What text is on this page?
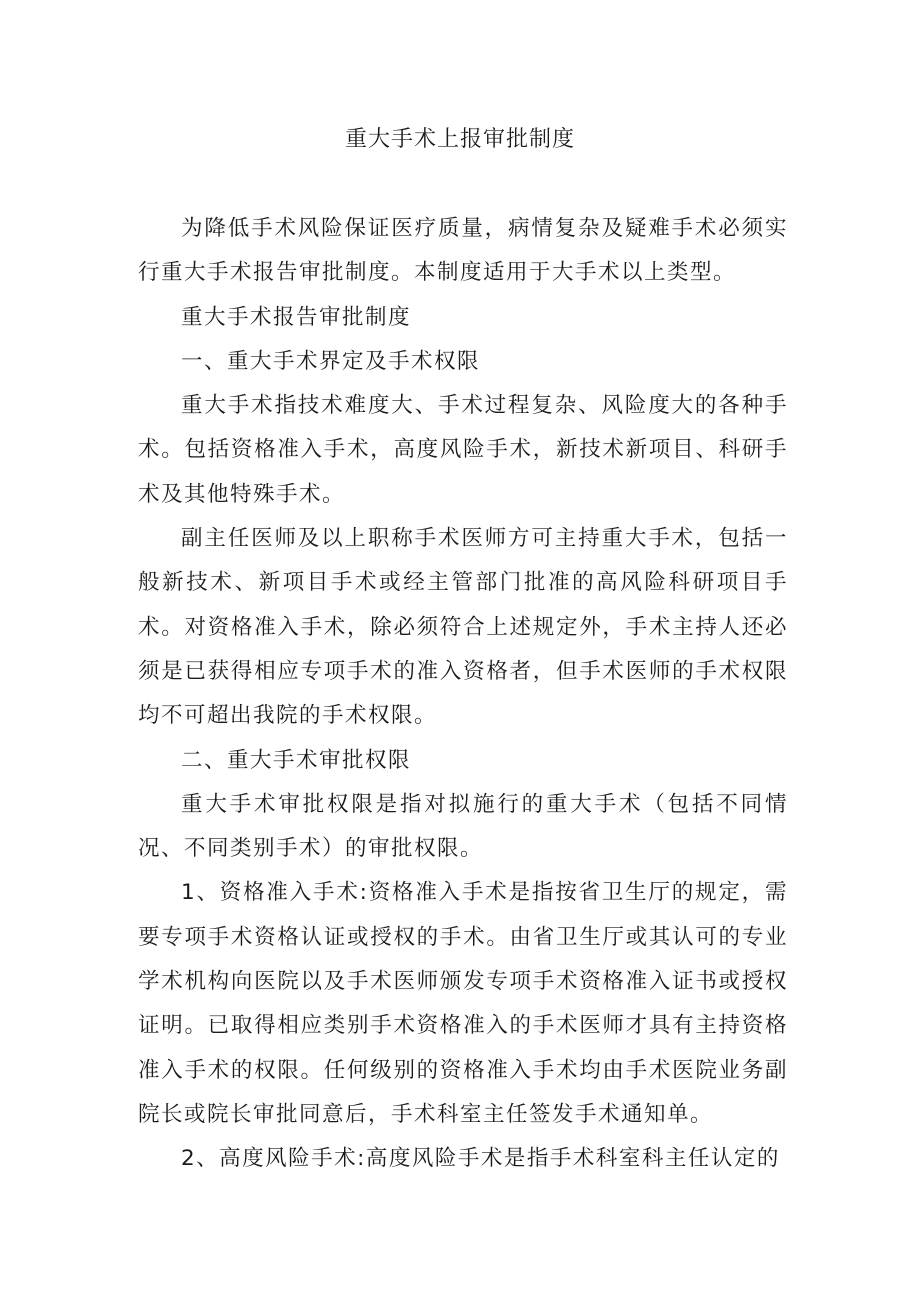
重大手术上报审批制度

为降低手术风险保证医疗质量，病情复杂及疑难手术必须实行重大手术报告审批制度。本制度适用于大手术以上类型。

重大手术报告审批制度

一、重大手术界定及手术权限

重大手术指技术难度大、手术过程复杂、风险度大的各种手术。包括资格准入手术，高度风险手术，新技术新项目、科研手术及其他特殊手术。

副主任医师及以上职称手术医师方可主持重大手术，包括一般新技术、新项目手术或经主管部门批准的高风险科研项目手术。对资格准入手术，除必须符合上述规定外，手术主持人还必须是已获得相应专项手术的准入资格者，但手术医师的手术权限均不可超出我院的手术权限。

二、重大手术审批权限

重大手术审批权限是指对拟施行的重大手术（包括不同情况、不同类别手术）的审批权限。

1、资格准入手术:资格准入手术是指按省卫生厅的规定，需要专项手术资格认证或授权的手术。由省卫生厅或其认可的专业学术机构向医院以及手术医师颁发专项手术资格准入证书或授权证明。已取得相应类别手术资格准入的手术医师才具有主持资格准入手术的权限。任何级别的资格准入手术均由手术医院业务副院长或院长审批同意后，手术科室主任签发手术通知单。

2、高度风险手术:高度风险手术是指手术科室科主任认定的
